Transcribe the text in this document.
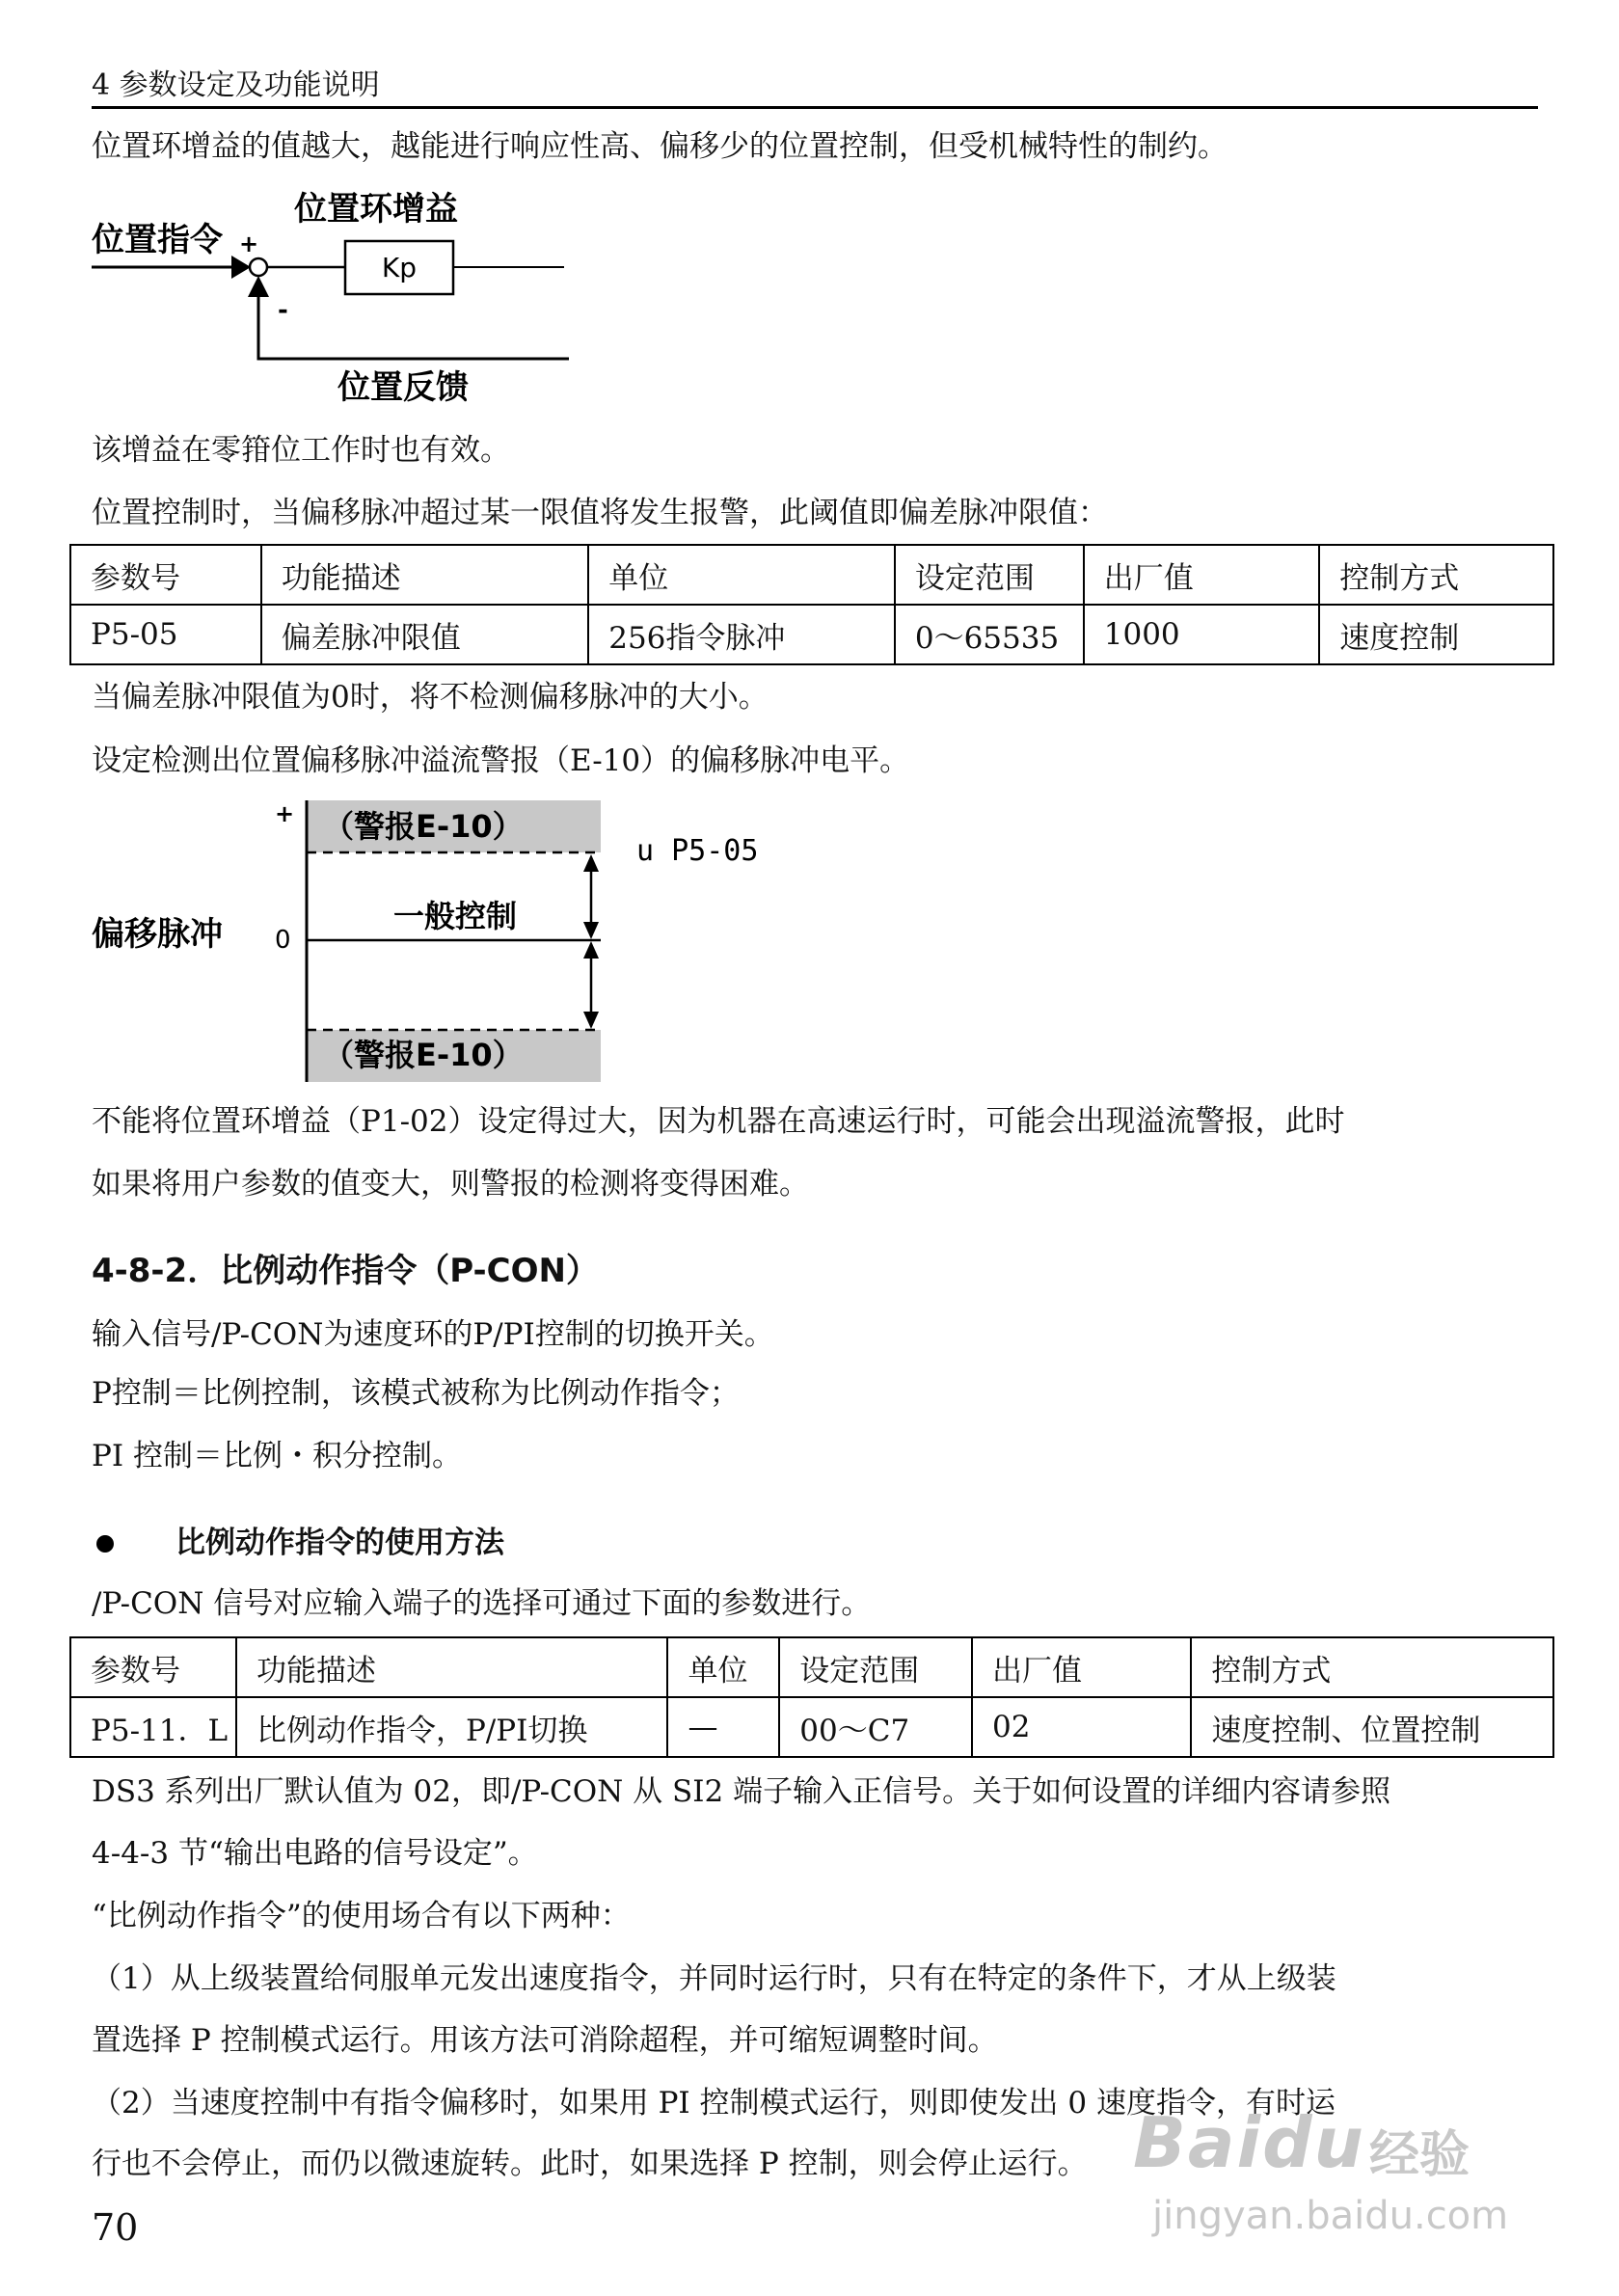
4 参数设定及功能说明
位置环增益的值越大，越能进行响应性高、偏移少的位置控制，但受机械特性的制约。
位置指令 +
位置环增益
Kp
-
位置反馈
该增益在零箝位工作时也有效。
位置控制时，当偏移脉冲超过某一限值将发生报警，此阈值即偏差脉冲限值：
参数号	功能描述	单位	设定范围	出厂值	控制方式
P5-05	偏差脉冲限值	256指令脉冲	0～65535	1000	速度控制
当偏差脉冲限值为0时，将不检测偏移脉冲的大小。
设定检测出位置偏移脉冲溢流警报（E-10）的偏移脉冲电平。
+
0
偏移脉冲
（警报E-10）
（警报E-10）
一般控制
u P5-05
不能将位置环增益（P1-02）设定得过大，因为机器在高速运行时，可能会出现溢流警报，此时
如果将用户参数的值变大，则警报的检测将变得困难。
4-8-2．比例动作指令（P-CON）
输入信号/P-CON为速度环的P/PI控制的切换开关。
P控制＝比例控制，该模式被称为比例动作指令；
PI 控制＝比例・积分控制。
比例动作指令的使用方法
/P-CON 信号对应输入端子的选择可通过下面的参数进行。
参数号	功能描述	单位	设定范围	出厂值	控制方式
P5-11．L	比例动作指令，P/PI切换	—	00～C7	02	速度控制、位置控制
DS3 系列出厂默认值为 02，即/P-CON 从 SI2 端子输入正信号。关于如何设置的详细内容请参照
4-4-3 节“输出电路的信号设定”。
“比例动作指令”的使用场合有以下两种：
（1）从上级装置给伺服单元发出速度指令，并同时运行时，只有在特定的条件下，才从上级装
置选择 P 控制模式运行。用该方法可消除超程，并可缩短调整时间。
（2）当速度控制中有指令偏移时，如果用 PI 控制模式运行，则即使发出 0 速度指令，有时运
行也不会停止，而仍以微速旋转。此时，如果选择 P 控制，则会停止运行。
70
Baidu 经验
jingyan.baidu.com
